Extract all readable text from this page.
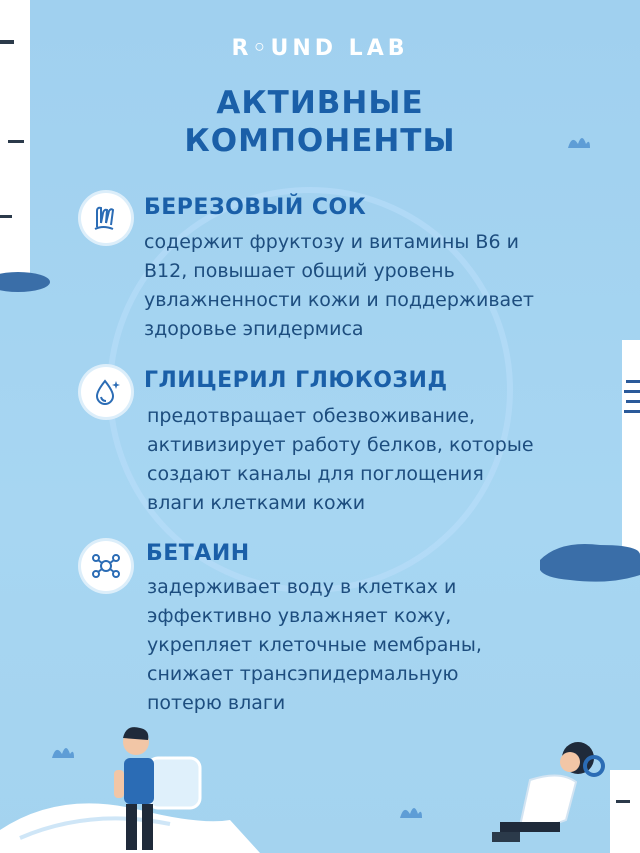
R◦UND LAB
АКТИВНЫЕ
КОМПОНЕНТЫ
БЕРЕЗОВЫЙ СОК
содержит фруктозу и витамины В6 и
В12, повышает общий уровень
увлажненности кожи и поддерживает
здоровье эпидермиса
ГЛИЦЕРИЛ ГЛЮКОЗИД
предотвращает обезвоживание,
активизирует работу белков, которые
создают каналы для поглощения
влаги клетками кожи
БЕТАИН
задерживает воду в клетках и
эффективно увлажняет кожу,
укрепляет клеточные мембраны,
снижает трансэпидермальную
потерю влаги
